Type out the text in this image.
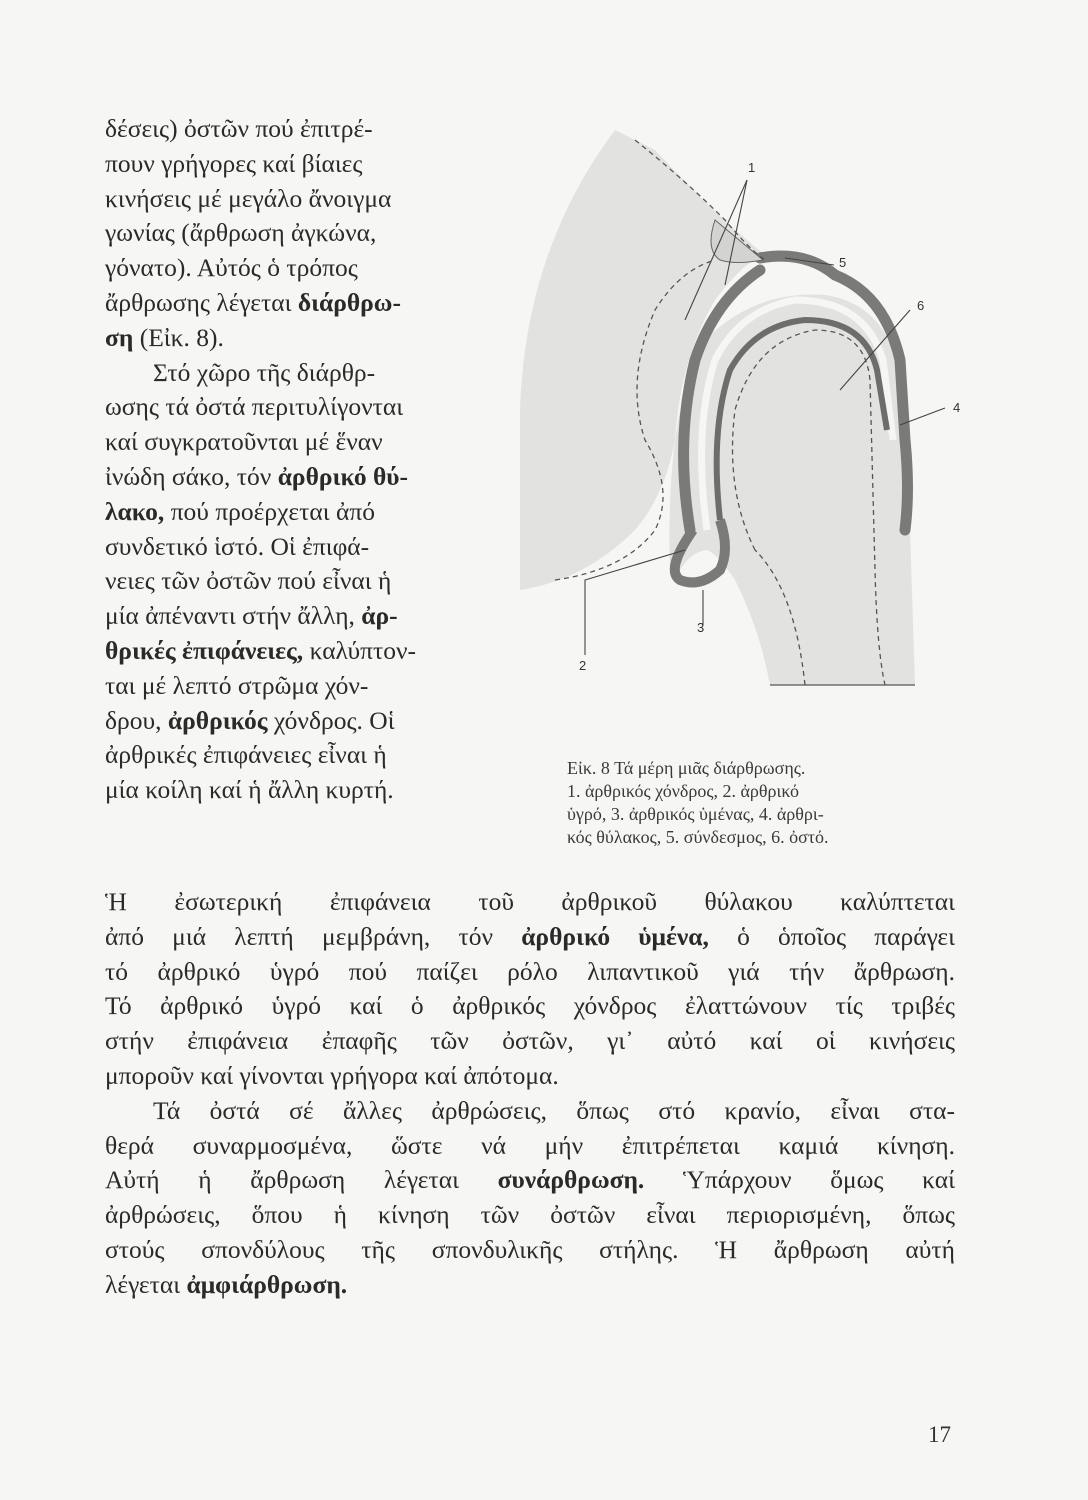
δέσεις) ὀστῶν πού ἐπιτρέ-
πουν γρήγορες καί βίαιες
κινήσεις μέ μεγάλο ἄνοιγμα
γωνίας (ἄρθρωση ἀγκώνα,
γόνατο). Αὐτός ὁ τρόπος
ἄρθρωσης λέγεται διάρθρω-
ση (Εἰκ. 8).

Στό χῶρο τῆς διάρθρ-
ωσης τά ὀστά περιτυλίγονται
καί συγκρατοῦνται μέ ἕναν
ἰνώδη σάκο, τόν ἀρθρικό θύ-
λακο, πού προέρχεται ἀπό
συνδετικό ἱστό. Οἱ ἐπιφά-
νειες τῶν ὀστῶν πού εἶναι ἡ
μία ἀπέναντι στήν ἄλλη, ἀρ-
θρικές ἐπιφάνειες, καλύπτον-
ται μέ λεπτό στρῶμα χόν-
δρου, ἀρθρικός χόνδρος. Οἱ
ἀρθρικές ἐπιφάνειες εἶναι ἡ
μία κοίλη καί ἡ ἄλλη κυρτή.

1
5
6
4
3
2
Εἰκ. 8 Τά μέρη μιᾶς διάρθρωσης.
1. ἀρθρικός χόνδρος, 2. ἀρθρικό
ὑγρό, 3. ἀρθρικός ὑμένας, 4. ἀρθρι-
κός θύλακος, 5. σύνδεσμος, 6. ὀστό.

Ἡ ἐσωτερική ἐπιφάνεια τοῦ ἀρθρικοῦ θύλακου καλύπτεται
ἀπό μιά λεπτή μεμβράνη, τόν ἀρθρικό ὑμένα, ὁ ὁποῖος παράγει
τό ἀρθρικό ὑγρό πού παίζει ρόλο λιπαντικοῦ γιά τήν ἄρθρωση.
Τό ἀρθρικό ὑγρό καί ὁ ἀρθρικός χόνδρος ἐλαττώνουν τίς τριβές
στήν ἐπιφάνεια ἐπαφῆς τῶν ὀστῶν, γι᾽ αὐτό καί οἱ κινήσεις
μποροῦν καί γίνονται γρήγορα καί ἀπότομα.

Τά ὀστά σέ ἄλλες ἀρθρώσεις, ὅπως στό κρανίο, εἶναι στα-
θερά συναρμοσμένα, ὥστε νά μήν ἐπιτρέπεται καμιά κίνηση.
Αὐτή ἡ ἄρθρωση λέγεται συνάρθρωση. Ὑπάρχουν ὅμως καί
ἀρθρώσεις, ὅπου ἡ κίνηση τῶν ὀστῶν εἶναι περιορισμένη, ὅπως
στούς σπονδύλους τῆς σπονδυλικῆς στήλης. Ἡ ἄρθρωση αὐτή
λέγεται ἀμφιάρθρωση.

17
